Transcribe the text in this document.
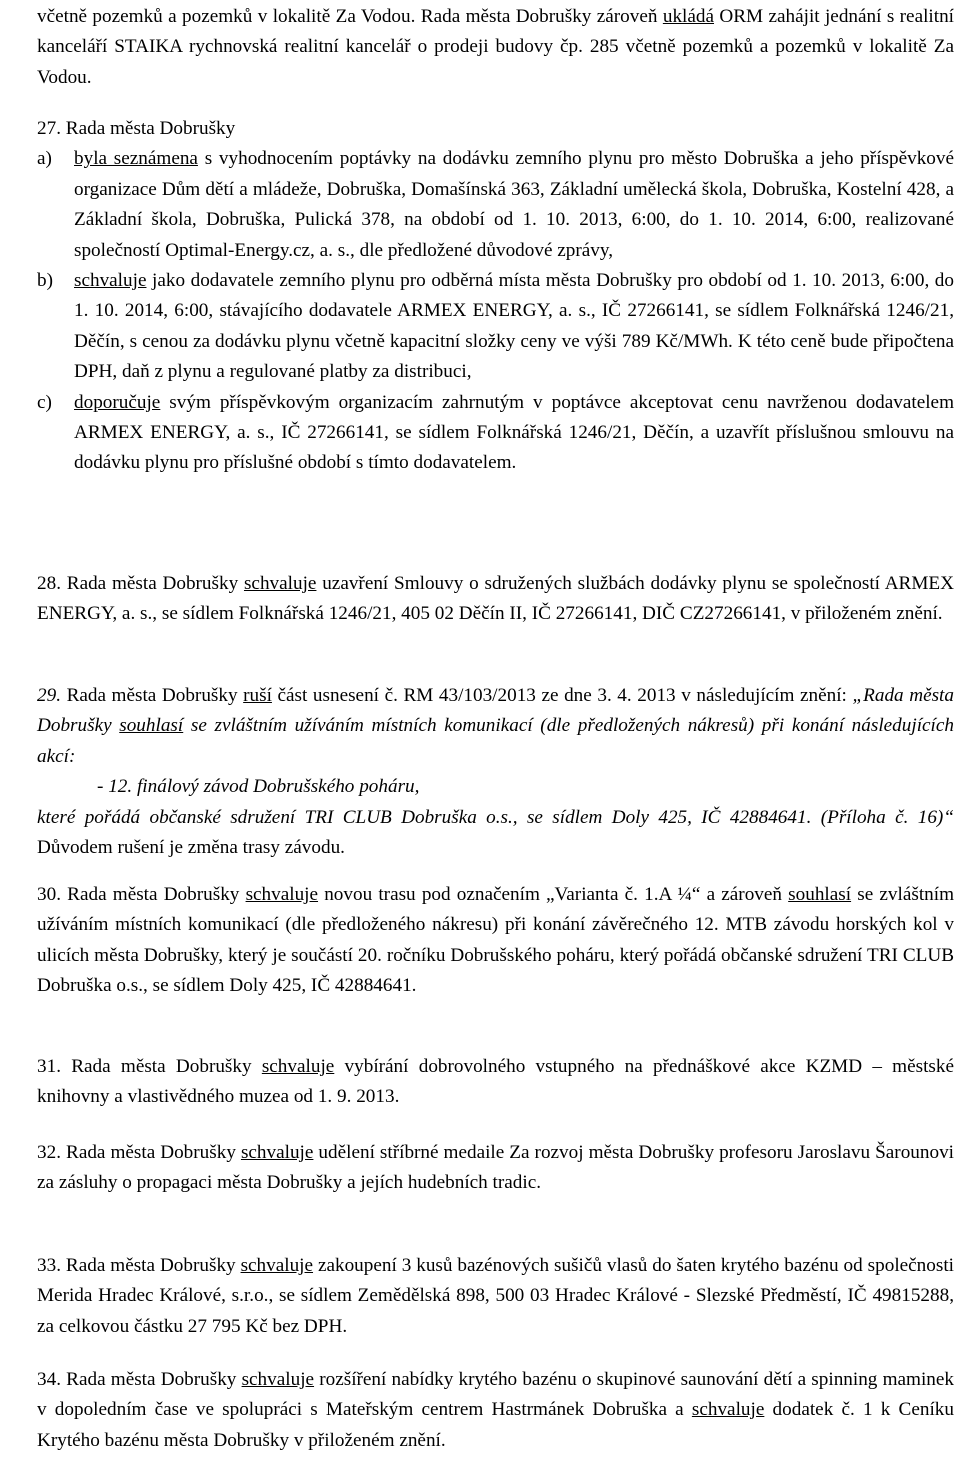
včetně pozemků a pozemků v lokalitě Za Vodou. Rada města Dobrušky zároveň ukládá ORM zahájit jednání s realitní kanceláří STAIKA rychnovská realitní kancelář o prodeji budovy čp. 285 včetně pozemků a pozemků v lokalitě Za Vodou.

27. Rada města Dobrušky

a) byla seznámena s vyhodnocením poptávky na dodávku zemního plynu pro město Dobruška a jeho příspěvkové organizace Dům dětí a mládeže, Dobruška, Domašínská 363, Základní umělecká škola, Dobruška, Kostelní 428, a Základní škola, Dobruška, Pulická 378, na období od 1. 10. 2013, 6:00, do 1. 10. 2014, 6:00, realizované společností Optimal-Energy.cz, a. s., dle předložené důvodové zprávy,
b) schvaluje jako dodavatele zemního plynu pro odběrná místa města Dobrušky pro období od 1. 10. 2013, 6:00, do 1. 10. 2014, 6:00, stávajícího dodavatele ARMEX ENERGY, a. s., IČ 27266141, se sídlem Folknářská 1246/21, Děčín, s cenou za dodávku plynu včetně kapacitní složky ceny ve výši 789 Kč/MWh. K této ceně bude připočtena DPH, daň z plynu a regulované platby za distribuci,
c) doporučuje svým příspěvkovým organizacím zahrnutým v poptávce akceptovat cenu navrženou dodavatelem ARMEX ENERGY, a. s., IČ 27266141, se sídlem Folknářská 1246/21, Děčín, a uzavřít příslušnou smlouvu na dodávku plynu pro příslušné období s tímto dodavatelem.

28. Rada města Dobrušky schvaluje uzavření Smlouvy o sdružených službách dodávky plynu se společností ARMEX ENERGY, a. s., se sídlem Folknářská 1246/21, 405 02 Děčín II, IČ 27266141, DIČ CZ27266141, v přiloženém znění.

29. Rada města Dobrušky ruší část usnesení č. RM 43/103/2013 ze dne 3. 4. 2013 v následujícím znění: „Rada města Dobrušky souhlasí se zvláštním užíváním místních komunikací (dle předložených nákresů) při konání následujících akcí:

- 12. finálový závod Dobrušského poháru,

které pořádá občanské sdružení TRI CLUB Dobruška o.s., se sídlem Doly 425, IČ 42884641. (Příloha č. 16)“ Důvodem rušení je změna trasy závodu.

30. Rada města Dobrušky schvaluje novou trasu pod označením „Varianta č. 1.A ¼“ a zároveň souhlasí se zvláštním užíváním místních komunikací (dle předloženého nákresu) při konání závěrečného 12. MTB závodu horských kol v ulicích města Dobrušky, který je součástí 20. ročníku Dobrušského poháru, který pořádá občanské sdružení TRI CLUB Dobruška o.s., se sídlem Doly 425, IČ 42884641.

31. Rada města Dobrušky schvaluje vybírání dobrovolného vstupného na přednáškové akce KZMD – městské knihovny a vlastivědného muzea od 1. 9. 2013.

32. Rada města Dobrušky schvaluje udělení stříbrné medaile Za rozvoj města Dobrušky profesoru Jaroslavu Šarounovi za zásluhy o propagaci města Dobrušky a jejích hudebních tradic.

33. Rada města Dobrušky schvaluje zakoupení 3 kusů bazénových sušičů vlasů do šaten krytého bazénu od společnosti Merida Hradec Králové, s.r.o., se sídlem Zemědělská 898, 500 03 Hradec Králové - Slezské Předměstí, IČ 49815288, za celkovou částku 27 795 Kč bez DPH.

34. Rada města Dobrušky schvaluje rozšíření nabídky krytého bazénu o skupinové saunování dětí a spinning maminek v dopoledním čase ve spolupráci s Mateřským centrem Hastrmánek Dobruška a schvaluje dodatek č. 1 k Ceníku Krytého bazénu města Dobrušky v přiloženém znění.
